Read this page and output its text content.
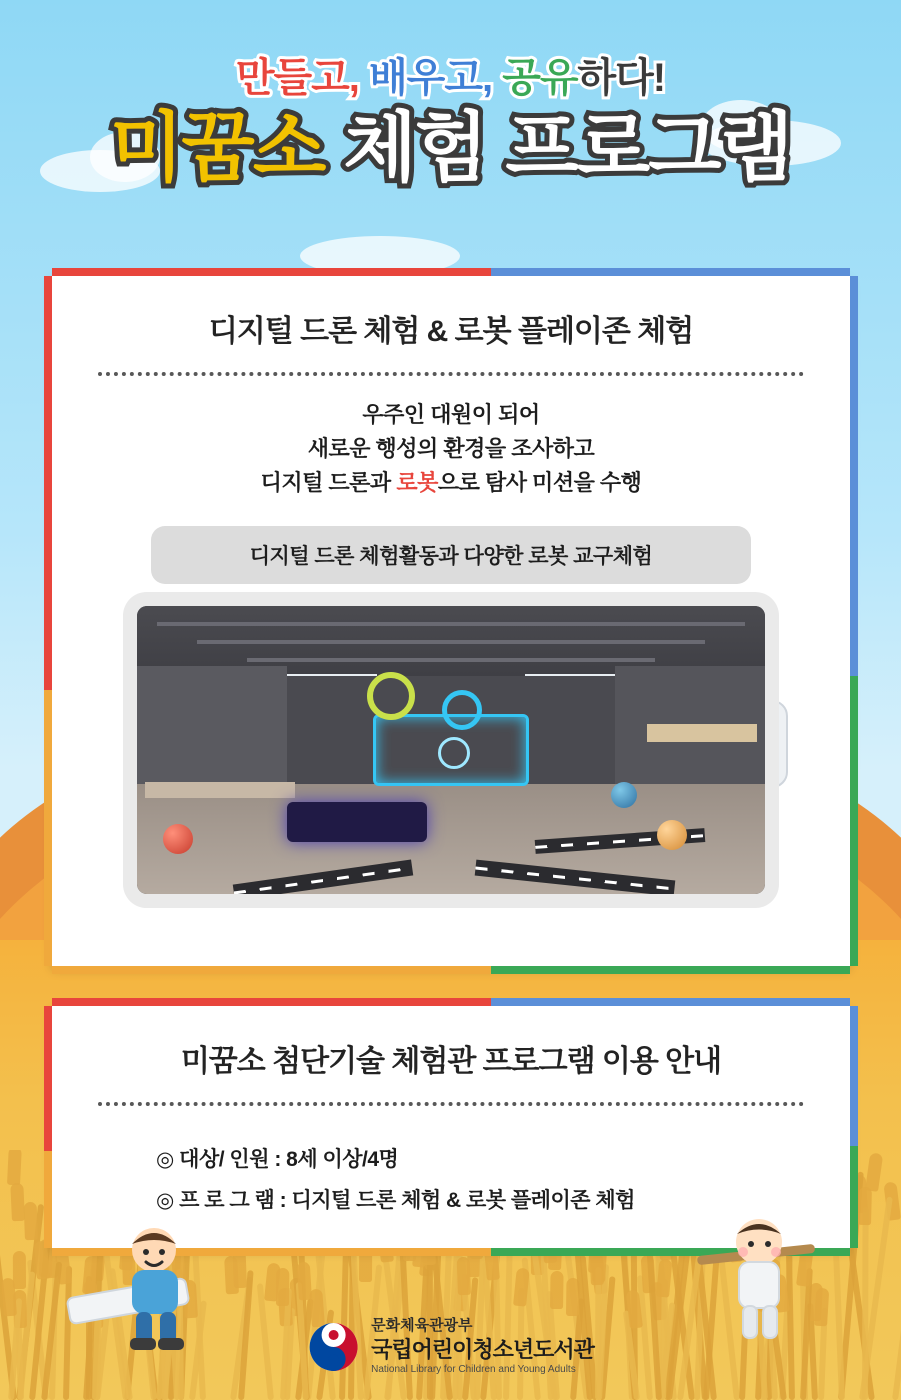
만들고, 배우고, 공유하다!
미꿈소 체험 프로그램
디지털 드론 체험 & 로봇 플레이존 체험
우주인 대원이 되어
새로운 행성의 환경을 조사하고
디지털 드론과 로봇으로 탐사 미션을 수행
디지털 드론 체험활동과 다양한 로봇 교구체험
미꿈소 첨단기술 체험관 프로그램 이용 안내
◎ 대상/ 인원 : 8세 이상/4명
◎ 프 로 그 램 : 디지털 드론 체험 & 로봇 플레이존 체험
문화체육관광부
국립어린이청소년도서관
National Library for Children and Young Adults
